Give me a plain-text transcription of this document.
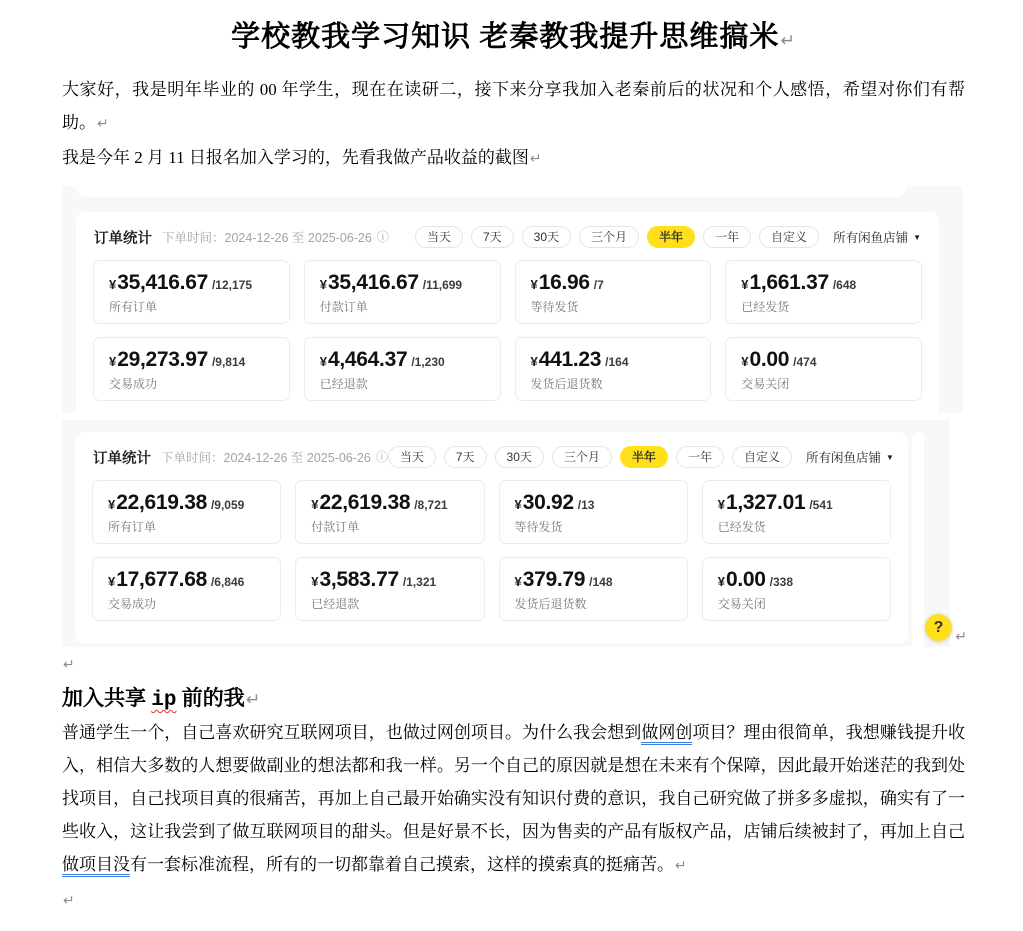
学校教我学习知识 老秦教我提升思维搞米↵

大家好，我是明年毕业的 00 年学生，现在在读研二，接下来分享我加入老秦前后的状况和个人感悟，希望对你们有帮助。↵

我是今年 2 月 11 日报名加入学习的，先看我做产品收益的截图↵

订单统计 下单时间：2024-12-26 至 2025-06-26 ⓘ	当天	7天	30天	三个月	半年	一年	自定义	所有闲鱼店铺 ▼
¥ 35,416.67 /12,175
所有订单
¥ 35,416.67 /11,699
付款订单
¥ 16.96 /7
等待发货
¥ 1,661.37 /648
已经发货
¥ 29,273.97 /9,814
交易成功
¥ 4,464.37 /1,230
已经退款
¥ 441.23 /164
发货后退货数
¥ 0.00 /474
交易关闭
订单统计 下单时间：2024-12-26 至 2025-06-26 ⓘ	当天	7天	30天	三个月	半年	一年	自定义	所有闲鱼店铺 ▼
¥ 22,619.38 /9,059
所有订单
¥ 22,619.38 /8,721
付款订单
¥ 30.92 /13
等待发货
¥ 1,327.01 /541
已经发货
¥ 17,677.68 /6,846
交易成功
¥ 3,583.77 /1,321
已经退款
¥ 379.79 /148
发货后退货数
¥ 0.00 /338
交易关闭
?
↵
↵
加入共享 ip 前的我↵

普通学生一个，自己喜欢研究互联网项目，也做过网创项目。为什么我会想到做网创项目？理由很简单，我想赚钱提升收入，相信大多数的人想要做副业的想法都和我一样。另一个自己的原因就是想在未来有个保障，因此最开始迷茫的我到处找项目，自己找项目真的很痛苦，再加上自己最开始确实没有知识付费的意识，我自己研究做了拼多多虚拟，确实有了一些收入，这让我尝到了做互联网项目的甜头。但是好景不长，因为售卖的产品有版权产品，店铺后续被封了，再加上自己做项目没有一套标准流程，所有的一切都靠着自己摸索，这样的摸索真的挺痛苦。↵

↵
